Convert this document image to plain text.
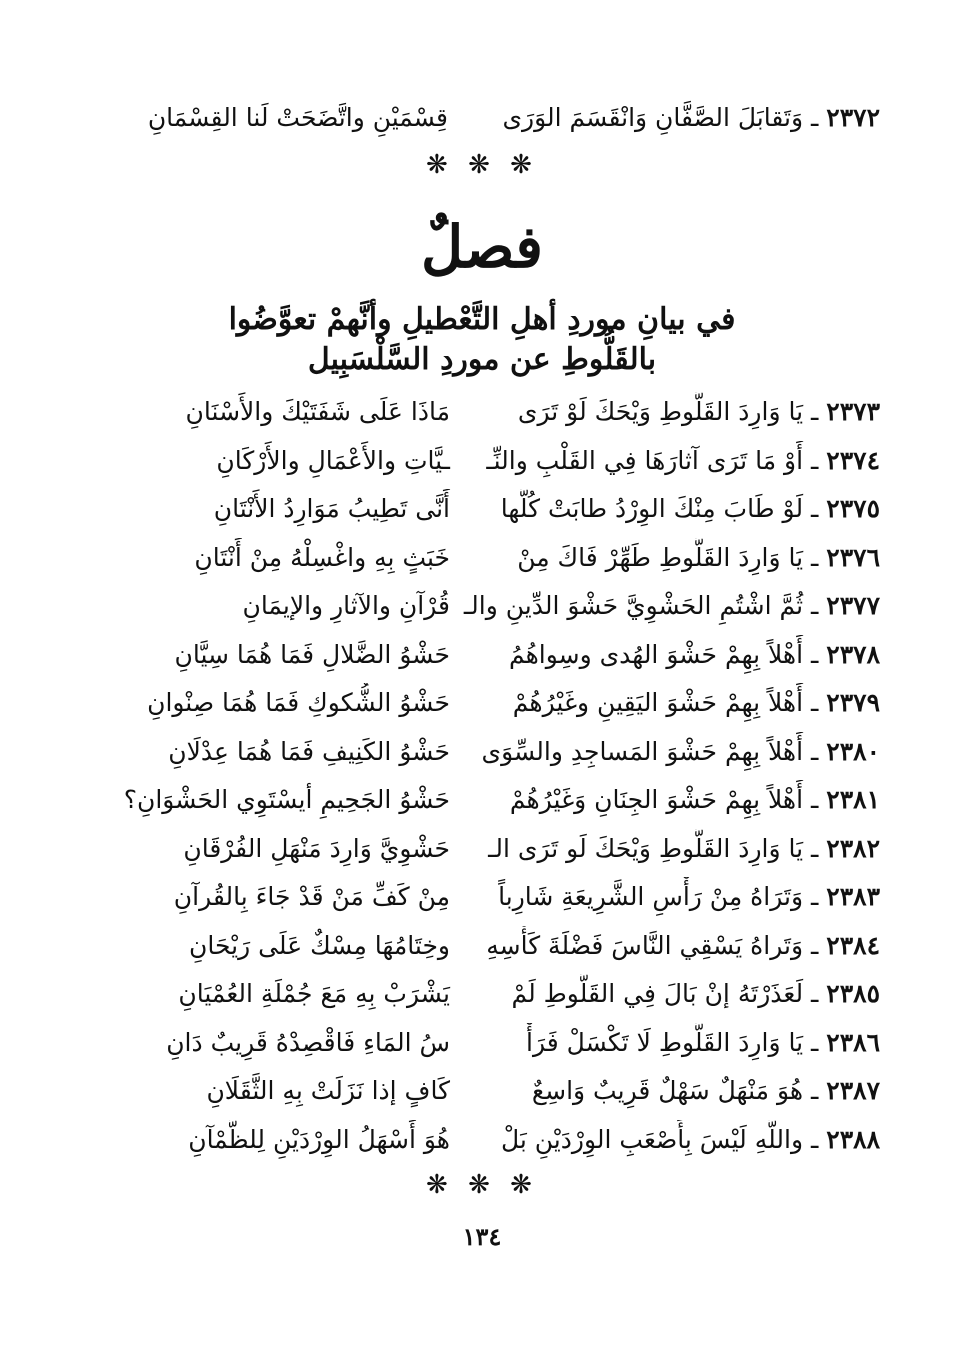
٢٣٧٢ ـ وَتَقابَلَ الصَّفَّانِ وَانْقَسَمَ الوَرَى
قِسْمَيْنِ واتَّضَحَتْ لَنا القِسْمَانِ
❋ ❋ ❋
فصلٌ
في بيانِ موردِ أهلِ التَّعْطيلِ وأنَّهمْ تعوَّضُوا
بالقَلُّوطِ عن موردِ السَّلْسَبِيل
٢٣٧٣ ـ يَا وَارِدَ القَلُّوطِ وَيْحَكَ لَوْ تَرَى
مَاذَا عَلَى شَفَتَيْكَ والأَسْنَانِ
٢٣٧٤ ـ أَوْ مَا تَرَى آثارَهَا فِي القَلْبِ والنِّـ
ـيَّاتِ والأَعْمَالِ والأَرْكَانِ
٢٣٧٥ ـ لَوْ طَابَ مِنْكَ الوِرْدُ طابَتْ كُلُّها
أَنَّى تَطِيبُ مَوَارِدُ الأَنْتَانِ
٢٣٧٦ ـ يَا وَارِدَ القَلُّوطِ طَهِّرْ فَاكَ مِنْ
خَبَثٍ بِهِ واغْسِلْهُ مِنْ أَنْتَانِ
٢٣٧٧ ـ ثُمَّ اشْتُمِ الحَشْوِيَّ حَشْوَ الدِّينِ والـ
قُرْآنِ والآثارِ والإيمَانِ
٢٣٧٨ ـ أَهْلاً بِهِمْ حَشْوَ الهُدى وسِواهُمُ
حَشْوُ الضَّلالِ فَمَا هُمَا سِيَّانِ
٢٣٧٩ ـ أَهْلاً بِهِمْ حَشْوَ اليَقِينِ وغَيْرُهُمْ
حَشْوُ الشُّكوكِ فَمَا هُمَا صِنْوانِ
٢٣٨٠ ـ أَهْلاً بِهِمْ حَشْوَ المَساجِدِ والسِّوَى
حَشْوُ الكَنِيفِ فَمَا هُمَا عِدْلَانِ
٢٣٨١ ـ أَهْلاً بِهِمْ حَشْوَ الجِنَانِ وَغَيْرُهُمْ
حَشْوُ الجَحِيمِ أيسْتَوِي الحَشْوَانِ؟
٢٣٨٢ ـ يَا وَارِدَ القَلُّوطِ وَيْحَكَ لَو تَرَى الـ
حَشْوِيَّ وَارِدَ مَنْهَلِ الفُرْقَانِ
٢٣٨٣ ـ وَتَرَاهُ مِنْ رَأْسِ الشَّرِيعَةِ شَارِباً
مِنْ كَفِّ مَنْ قَدْ جَاءَ بِالقُرآنِ
٢٣٨٤ ـ وَتَراهُ يَسْقِي النَّاسَ فَضْلَةَ كَأْسِهِ
وخِتَامُهَا مِسْكٌ عَلَى رَيْحَانِ
٢٣٨٥ ـ لَعَذَرْتَهُ إنْ بَالَ فِي القَلُّوطِ لَمْ
يَشْرَبْ بِهِ مَعَ جُمْلَةِ العُمْيَانِ
٢٣٨٦ ـ يَا وَارِدَ القَلُّوطِ لَا تَكْسَلْ فَرَأْ
سُ المَاءِ فَاقْصِدْهُ قَرِيبٌ دَانِ
٢٣٨٧ ـ هُوَ مَنْهَلٌ سَهْلٌ قَرِيبٌ وَاسِعٌ
كَافٍ إذا نَزَلَتْ بِهِ الثَّقَلَانِ
٢٣٨٨ ـ واللَّهِ لَيْسَ بِأَصْعَبِ الوِرْدَيْنِ بَلْ
هُوَ أَسْهَلُ الوِرْدَيْنِ لِلظَّمْآنِ
❋ ❋ ❋
١٣٤
